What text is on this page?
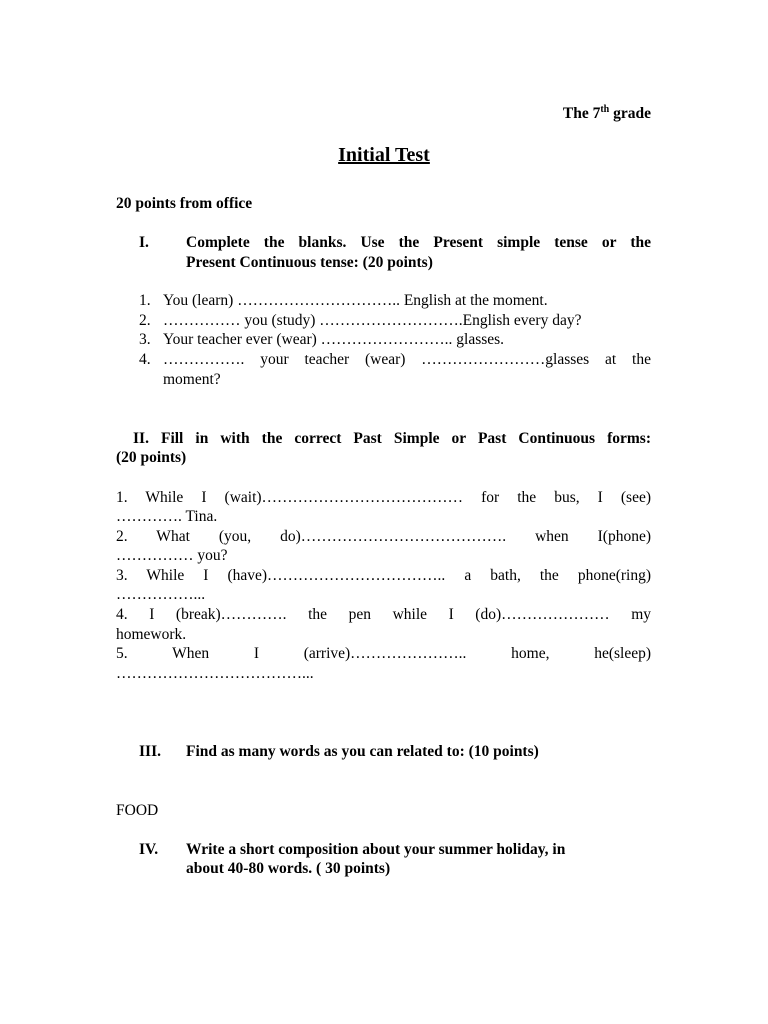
The 7th grade
Initial Test
20 points from office
I. Complete the blanks. Use the Present simple tense or the
Present Continuous tense: (20 points)
1. You (learn) ………………………….. English at the moment.
2. …………… you (study) ……………………….English every day?
3. Your teacher ever (wear) …………………….. glasses.
4. ……………. your teacher (wear) ……………………glasses at the
moment?
II. Fill in with the correct Past Simple or Past Continuous forms:
(20 points)
1. While I (wait)………………………………… for the bus, I (see)
…………. Tina.
2. What (you, do)…………………………………. when I(phone)
…………… you?
3. While I (have)…………………………….. a bath, the phone(ring)
……………...
4. I (break)…………. the pen while I (do)………………… my
homework.
5. When I (arrive)………………….. home, he(sleep)
………………………………...
III. Find as many words as you can related to: (10 points)
FOOD
IV. Write a short composition about your summer holiday, in
about 40-80 words. ( 30 points)
